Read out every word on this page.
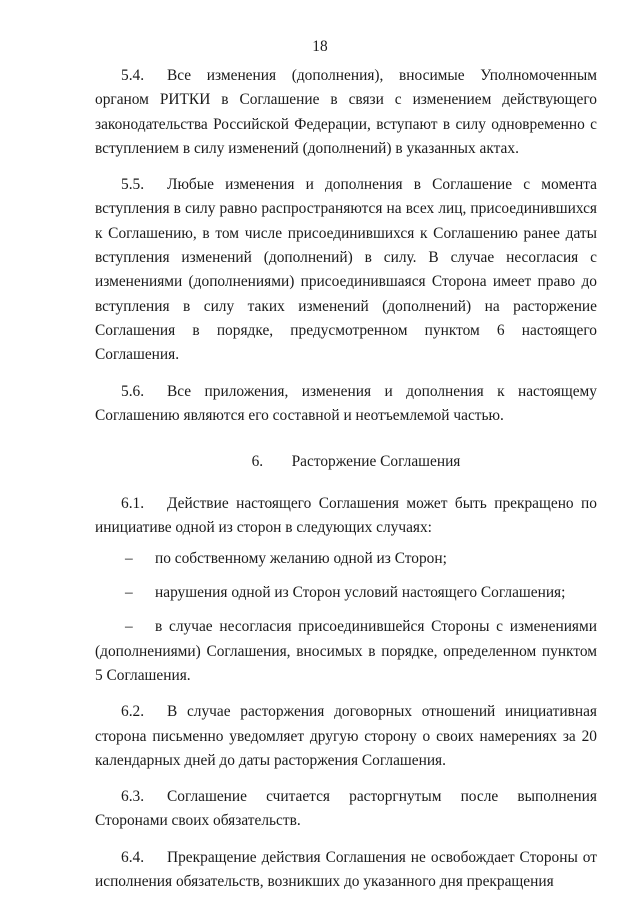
18

5.4. Все изменения (дополнения), вносимые Уполномоченным органом РИТКИ в Соглашение в связи с изменением действующего законодательства Российской Федерации, вступают в силу одновременно с вступлением в силу изменений (дополнений) в указанных актах.

5.5. Любые изменения и дополнения в Соглашение с момента вступления в силу равно распространяются на всех лиц, присоединившихся к Соглашению, в том числе присоединившихся к Соглашению ранее даты вступления изменений (дополнений) в силу. В случае несогласия с изменениями (дополнениями) присоединившаяся Сторона имеет право до вступления в силу таких изменений (дополнений) на расторжение Соглашения в порядке, предусмотренном пунктом 6 настоящего Соглашения.

5.6. Все приложения, изменения и дополнения к настоящему Соглашению являются его составной и неотъемлемой частью.

6. Расторжение Соглашения

6.1. Действие настоящего Соглашения может быть прекращено по инициативе одной из сторон в следующих случаях:

– по собственному желанию одной из Сторон;
– нарушения одной из Сторон условий настоящего Соглашения;
– в случае несогласия присоединившейся Стороны с изменениями (дополнениями) Соглашения, вносимых в порядке, определенном пунктом 5 Соглашения.

6.2. В случае расторжения договорных отношений инициативная сторона письменно уведомляет другую сторону о своих намерениях за 20 календарных дней до даты расторжения Соглашения.

6.3. Соглашение считается расторгнутым после выполнения Сторонами своих обязательств.

6.4. Прекращение действия Соглашения не освобождает Стороны от исполнения обязательств, возникших до указанного дня прекращения
